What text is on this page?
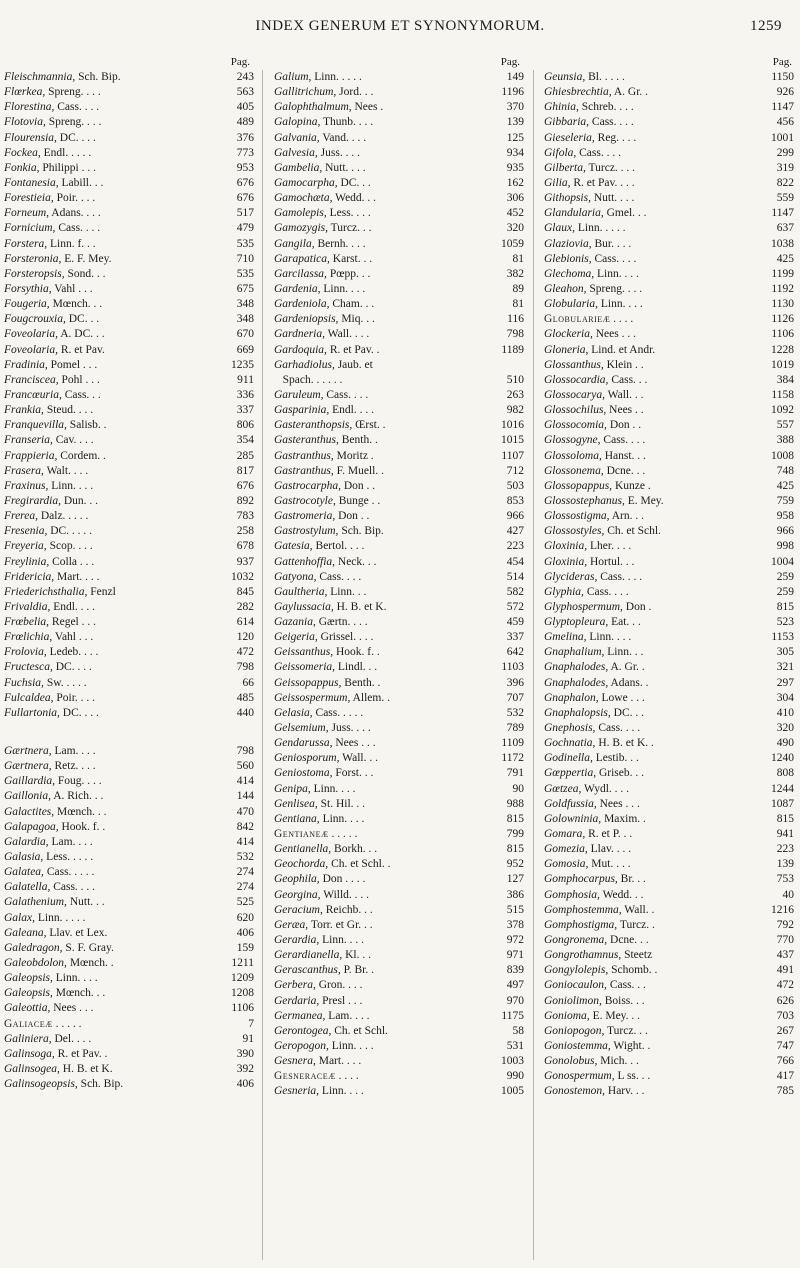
INDEX GENERUM ET SYNONYMORUM.	1259
Pag.	Pag.	Pag.
Fleischmannia, Sch. Bip.	243
Flœrkea, Spreng. . . .	563
Florestina, Cass. . . .	405
Flotovia, Spreng. . . .	489
Flourensia, DC. . . .	376
Fockea, Endl. . . . .	773
Fonkia, Philippi . . .	953
Fontanesia, Labill. . .	676
Forestieia, Poir. . . .	676
Forneum, Adans. . . .	517
Fornicium, Cass. . . .	479
Forstera, Linn. f. . .	535
Forsteronia, E. F. Mey.	710
Forsteropsis, Sond. . .	535
Forsythia, Vahl . . .	675
Fougeria, Mœnch. . .	348
Fougcrouxia, DC. . .	348
Foveolaria, A. DC. . .	670
Foveolaria, R. et Pav.	669
Fradinia, Pomel . . .	1235
Franciscea, Pohl . . .	911
Francœuria, Cass. . .	336
Frankia, Steud. . . .	337
Franquevilla, Salisb. .	806
Franseria, Cav. . . .	354
Frappieria, Cordem. .	285
Frasera, Walt. . . .	817
Fraxinus, Linn. . . .	676
Fregirardia, Dun. . .	892
Frerea, Dalz. . . . .	783
Fresenia, DC. . . . .	258
Freyeria, Scop. . . .	678
Freylinia, Colla . . .	937
Fridericia, Mart. . . .	1032
Friederichsthalia, Fenzl	845
Frivaldia, Endl. . . .	282
Frœbelia, Regel . . .	614
Frœlichia, Vahl . . .	120
Frolovia, Ledeb. . . .	472
Fructesca, DC. . . .	798
Fuchsia, Sw. . . . .	66
Fulcaldea, Poir. . . .	485
Fullartonia, DC. . . .	440
Gærtnera, Lam. . . .	798
Gærtnera, Retz. . . .	560
Gaillardia, Foug. . . .	414
Gaillonia, A. Rich. . .	144
Galactites, Mœnch. . .	470
Galapagoa, Hook. f. .	842
Galardia, Lam. . . .	414
Galasia, Less. . . . .	532
Galatea, Cass. . . . .	274
Galatella, Cass. . . .	274
Galathenium, Nutt. . .	525
Galax, Linn. . . . .	620
Galeana, Llav. et Lex.	406
Galedragon, S. F. Gray.	159
Galeobdolon, Mœnch. .	1211
Galeopsis, Linn. . . .	1209
Galeopsis, Mœnch. . .	1208
Galeottia, Nees . . .	1106
Galiaceæ . . . . .	7
Galiniera, Del. . . .	91
Galinsoga, R. et Pav. .	390
Galinsogea, H. B. et K.	392
Galinsogeopsis, Sch. Bip.	406
Galium, Linn. . . . .	149
Gallitrichum, Jord. . .	1196
Galophthalmum, Nees .	370
Galopina, Thunb. . . .	139
Galvania, Vand. . . .	125
Galvesia, Juss. . . .	934
Gambelia, Nutt. . . .	935
Gamocarpha, DC. . .	162
Gamochæta, Wedd. . .	306
Gamolepis, Less. . . .	452
Gamozygis, Turcz. . .	320
Gangila, Bernh. . . .	1059
Garapatica, Karst. . .	81
Garcilassa, Pœpp. . .	382
Gardenia, Linn. . . .	89
Gardeniola, Cham. . .	81
Gardeniopsis, Miq. . .	116
Gardneria, Wall. . . .	798
Gardoquia, R. et Pav. .	1189
Garhadiolus, Jaub. et
Spach. . . . . .	510
Garuleum, Cass. . . .	263
Gasparinia, Endl. . . .	982
Gasteranthopsis, Œrst. .	1016
Gasteranthus, Benth. .	1015
Gastranthus, Moritz .	1107
Gastranthus, F. Muell. .	712
Gastrocarpha, Don . .	503
Gastrocotyle, Bunge . .	853
Gastromeria, Don . .	966
Gastrostylum, Sch. Bip.	427
Gatesia, Bertol. . . .	223
Gattenhoffia, Neck. . .	454
Gatyona, Cass. . . .	514
Gaultheria, Linn. . .	582
Gaylussacia, H. B. et K.	572
Gazania, Gærtn. . . .	459
Geigeria, Grissel. . . .	337
Geissanthus, Hook. f. .	642
Geissomeria, Lindl. . .	1103
Geissopappus, Benth. .	396
Geissospermum, Allem. .	707
Gelasia, Cass. . . . .	532
Gelsemium, Juss. . . .	789
Gendarussa, Nees . . .	1109
Geniosporum, Wall. . .	1172
Geniostoma, Forst. . .	791
Genipa, Linn. . . .	90
Genlisea, St. Hil. . .	988
Gentiana, Linn. . . .	815
Gentianeæ . . . . .	799
Gentianella, Borkh. . .	815
Geochorda, Ch. et Schl. .	952
Geophila, Don . . . .	127
Georgina, Willd. . . .	386
Geracium, Reichb. . .	515
Geræa, Torr. et Gr. . .	378
Gerardia, Linn. . . .	972
Gerardianella, Kl. . .	971
Gerascanthus, P. Br. .	839
Gerbera, Gron. . . .	497
Gerdaria, Presl . . .	970
Germanea, Lam. . . .	1175
Gerontogea, Ch. et Schl.	58
Geropogon, Linn. . . .	531
Gesnera, Mart. . . .	1003
Gesneraceæ . . . .	990
Gesneria, Linn. . . .	1005
Geunsia, Bl. . . . .	1150
Ghiesbrechtia, A. Gr. .	926
Ghinia, Schreb. . . .	1147
Gibbaria, Cass. . . .	456
Gieseleria, Reg. . . .	1001
Gifola, Cass. . . .	299
Gilberta, Turcz. . . .	319
Gilia, R. et Pav. . . .	822
Githopsis, Nutt. . . .	559
Glandularia, Gmel. . .	1147
Glaux, Linn. . . . .	637
Glaziovia, Bur. . . .	1038
Glebionis, Cass. . . .	425
Glechoma, Linn. . . .	1199
Gleahon, Spreng. . . .	1192
Globularia, Linn. . . .	1130
Globularieæ . . . .	1126
Glockeria, Nees . . .	1106
Gloneria, Lind. et Andr.	1228
Glossanthus, Klein . .	1019
Glossocardia, Cass. . .	384
Glossocarya, Wall. . .	1158
Glossochilus, Nees . .	1092
Glossocomia, Don . .	557
Glossogyne, Cass. . . .	388
Glossoloma, Hanst. . .	1008
Glossonema, Dcne. . .	748
Glossopappus, Kunze .	425
Glossostephanus, E. Mey.	759
Glossostigma, Arn. . .	958
Glossostyles, Ch. et Schl.	966
Gloxinia, Lher. . . .	998
Gloxinia, Hortul. . .	1004
Glycideras, Cass. . . .	259
Glyphia, Cass. . . .	259
Glyphospermum, Don .	815
Glyptopleura, Eat. . .	523
Gmelina, Linn. . . .	1153
Gnaphalium, Linn. . .	305
Gnaphalodes, A. Gr. .	321
Gnaphalodes, Adans. .	297
Gnaphalon, Lowe . . .	304
Gnaphalopsis, DC. . .	410
Gnephosis, Cass. . . .	320
Gochnatia, H. B. et K. .	490
Godinella, Lestib. . .	1240
Gœppertia, Griseb. . .	808
Gœtzea, Wydl. . . .	1244
Goldfussia, Nees . . .	1087
Golowninia, Maxim. .	815
Gomara, R. et P. . .	941
Gomezia, Llav. . . .	223
Gomosia, Mut. . . .	139
Gomphocarpus, Br. . .	753
Gomphosia, Wedd. . .	40
Gomphostemma, Wall. .	1216
Gomphostigma, Turcz. .	792
Gongronema, Dcne. . .	770
Gongrothamnus, Steetz	437
Gongylolepis, Schomb. .	491
Goniocaulon, Cass. . .	472
Goniolimon, Boiss. . .	626
Gonioma, E. Mey. . .	703
Goniopogon, Turcz. . .	267
Goniostemma, Wight. .	747
Gonolobus, Mich. . .	766
Gonospermum, L ss. . .	417
Gonostemon, Harv. . .	785
